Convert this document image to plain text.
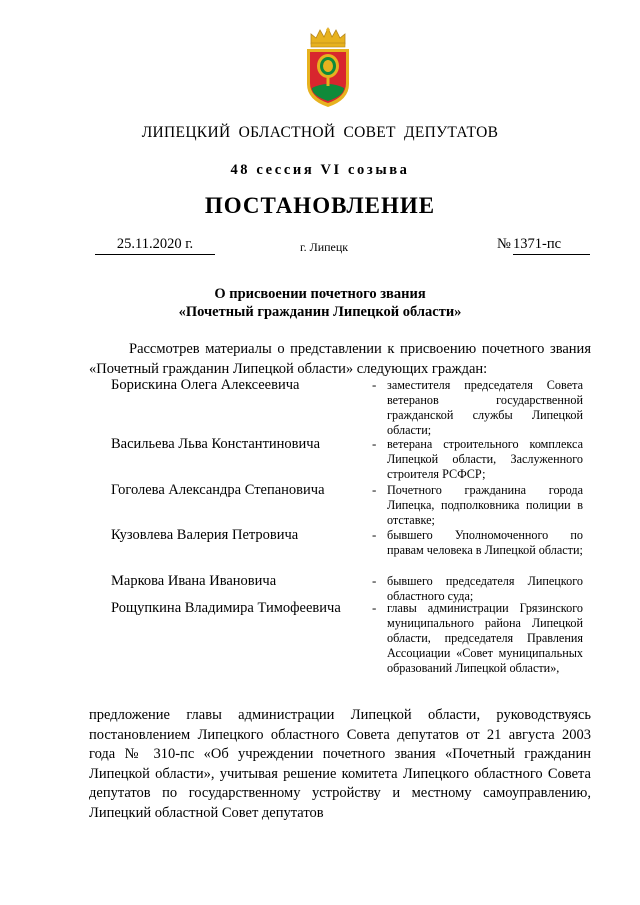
ЛИПЕЦКИЙ ОБЛАСТНОЙ СОВЕТ ДЕПУТАТОВ
48 сессия VI созыва
ПОСТАНОВЛЕНИЕ
25.11.2020 г.	г. Липецк	№ 1371-пс
О присвоении почетного звания
«Почетный гражданин Липецкой области»
Рассмотрев материалы о представлении к присвоению почетного звания «Почетный гражданин Липецкой области» следующих граждан:
Борискина Олега Алексеевича	- заместителя председателя Совета ветеранов государственной гражданской службы Липецкой области;
Васильева Льва Константиновича	- ветерана строительного комплекса Липецкой области, Заслуженного строителя РСФСР;
Гоголева Александра Степановича	- Почетного гражданина города Липецка, подполковника полиции в отставке;
Кузовлева Валерия Петровича	- бывшего Уполномоченного по правам человека в Липецкой области;
Маркова Ивана Ивановича	- бывшего председателя Липецкого областного суда;
Рощупкина Владимира Тимофеевича - главы администрации Грязинского муниципального района Липецкой области, председателя Правления Ассоциации «Совет муниципальных образований Липецкой области»,
предложение главы администрации Липецкой области, руководствуясь постановлением Липецкого областного Совета депутатов от 21 августа 2003 года № 310-пс «Об учреждении почетного звания «Почетный гражданин Липецкой области», учитывая решение комитета Липецкого областного Совета депутатов по государственному устройству и местному самоуправлению, Липецкий областной Совет депутатов
